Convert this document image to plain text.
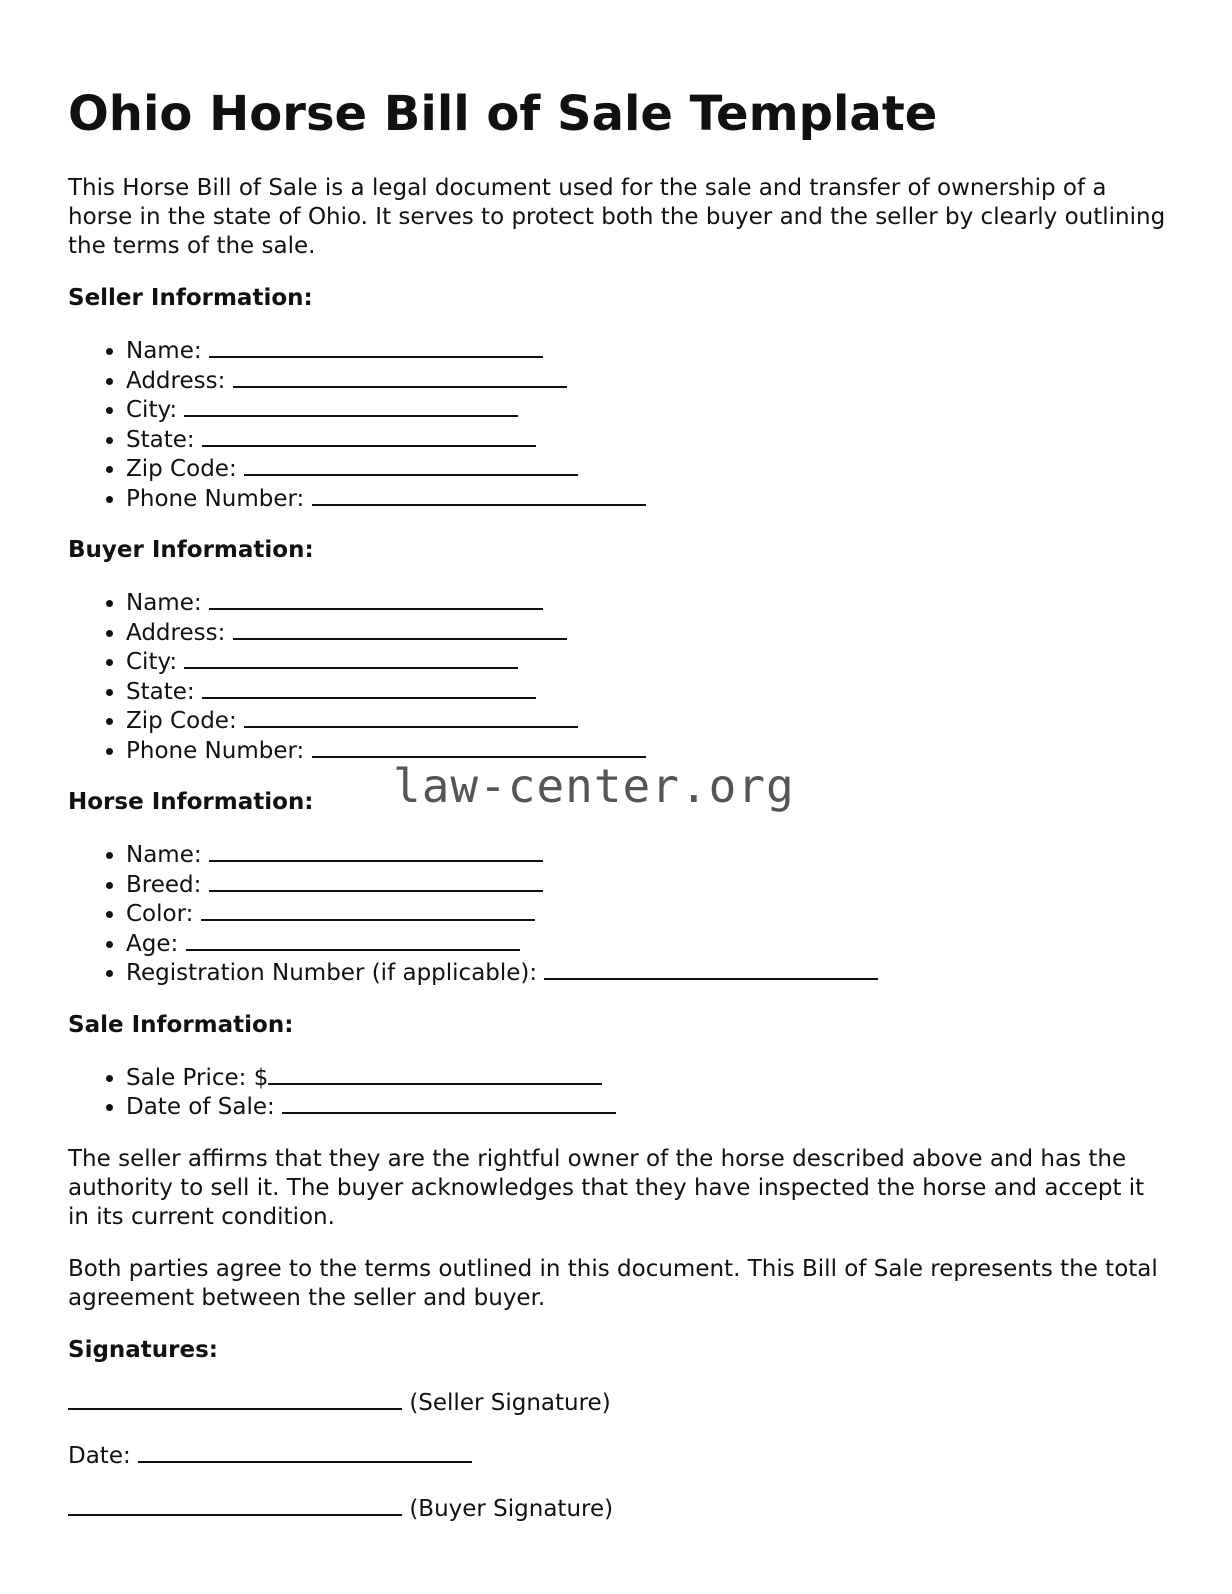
Ohio Horse Bill of Sale Template

This Horse Bill of Sale is a legal document used for the sale and transfer of ownership of a horse in the state of Ohio. It serves to protect both the buyer and the seller by clearly outlining the terms of the sale.

Seller Information:
• Name:
• Address:
• City:
• State:
• Zip Code:
• Phone Number:
Buyer Information:
• Name:
• Address:
• City:
• State:
• Zip Code:
• Phone Number:
Horse Information:
• Name:
• Breed:
• Color:
• Age:
• Registration Number (if applicable):
Sale Information:
• Sale Price: $
• Date of Sale:

The seller affirms that they are the rightful owner of the horse described above and has the authority to sell it. The buyer acknowledges that they have inspected the horse and accept it in its current condition.

Both parties agree to the terms outlined in this document. This Bill of Sale represents the total agreement between the seller and buyer.

Signatures:
(Seller Signature)
Date:
(Buyer Signature)
law-center.org
